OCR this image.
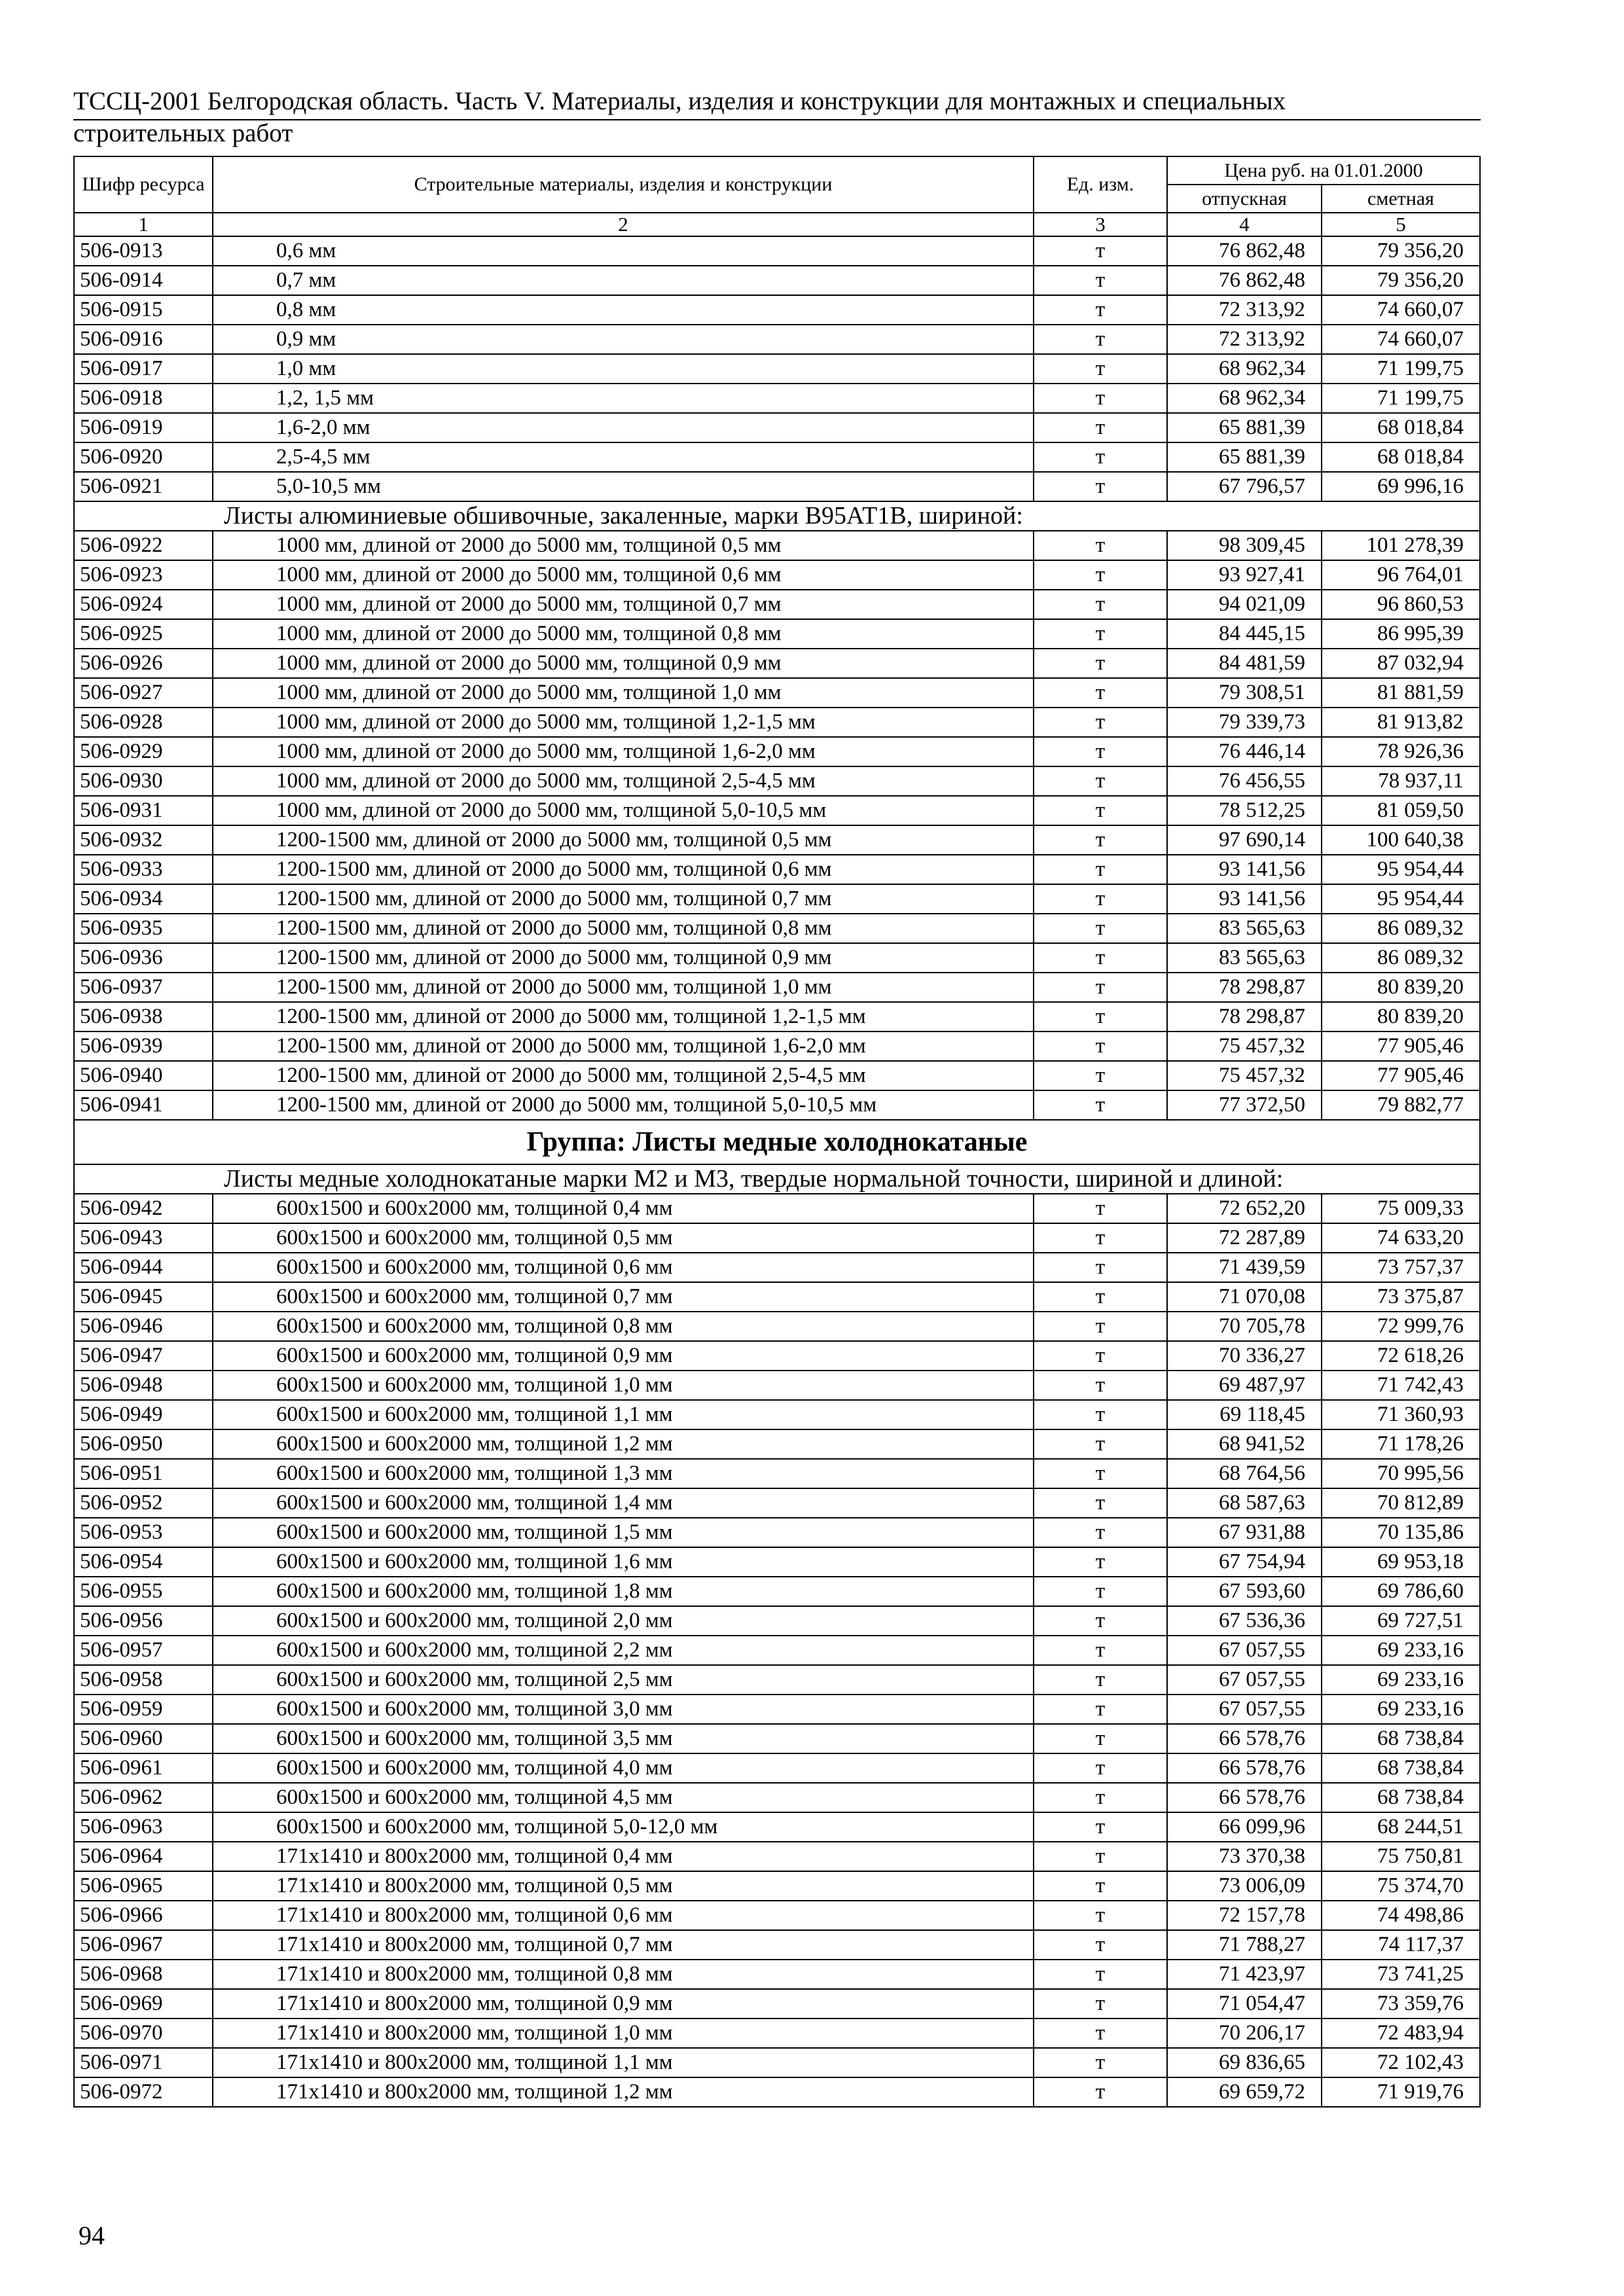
ТССЦ-2001 Белгородская область. Часть V. Материалы, изделия и конструкции для монтажных и специальных
строительных работ
Шифр ресурса	Строительные материалы, изделия и конструкции	Ед. изм.	Цена руб. на 01.01.2000	
			отпускная	сметная
1	2	3	4	5
506-0913	0,6 мм	т	76 862,48	79 356,20
506-0914	0,7 мм	т	76 862,48	79 356,20
506-0915	0,8 мм	т	72 313,92	74 660,07
506-0916	0,9 мм	т	72 313,92	74 660,07
506-0917	1,0 мм	т	68 962,34	71 199,75
506-0918	1,2, 1,5 мм	т	68 962,34	71 199,75
506-0919	1,6-2,0 мм	т	65 881,39	68 018,84
506-0920	2,5-4,5 мм	т	65 881,39	68 018,84
506-0921	5,0-10,5 мм	т	67 796,57	69 996,16
Листы алюминиевые обшивочные, закаленные, марки В95АТ1В, шириной:				
506-0922	1000 мм, длиной от 2000 до 5000 мм, толщиной 0,5 мм	т	98 309,45	101 278,39
506-0923	1000 мм, длиной от 2000 до 5000 мм, толщиной 0,6 мм	т	93 927,41	96 764,01
506-0924	1000 мм, длиной от 2000 до 5000 мм, толщиной 0,7 мм	т	94 021,09	96 860,53
506-0925	1000 мм, длиной от 2000 до 5000 мм, толщиной 0,8 мм	т	84 445,15	86 995,39
506-0926	1000 мм, длиной от 2000 до 5000 мм, толщиной 0,9 мм	т	84 481,59	87 032,94
506-0927	1000 мм, длиной от 2000 до 5000 мм, толщиной 1,0 мм	т	79 308,51	81 881,59
506-0928	1000 мм, длиной от 2000 до 5000 мм, толщиной 1,2-1,5 мм	т	79 339,73	81 913,82
506-0929	1000 мм, длиной от 2000 до 5000 мм, толщиной 1,6-2,0 мм	т	76 446,14	78 926,36
506-0930	1000 мм, длиной от 2000 до 5000 мм, толщиной 2,5-4,5 мм	т	76 456,55	78 937,11
506-0931	1000 мм, длиной от 2000 до 5000 мм, толщиной 5,0-10,5 мм	т	78 512,25	81 059,50
506-0932	1200-1500 мм, длиной от 2000 до 5000 мм, толщиной 0,5 мм	т	97 690,14	100 640,38
506-0933	1200-1500 мм, длиной от 2000 до 5000 мм, толщиной 0,6 мм	т	93 141,56	95 954,44
506-0934	1200-1500 мм, длиной от 2000 до 5000 мм, толщиной 0,7 мм	т	93 141,56	95 954,44
506-0935	1200-1500 мм, длиной от 2000 до 5000 мм, толщиной 0,8 мм	т	83 565,63	86 089,32
506-0936	1200-1500 мм, длиной от 2000 до 5000 мм, толщиной 0,9 мм	т	83 565,63	86 089,32
506-0937	1200-1500 мм, длиной от 2000 до 5000 мм, толщиной 1,0 мм	т	78 298,87	80 839,20
506-0938	1200-1500 мм, длиной от 2000 до 5000 мм, толщиной 1,2-1,5 мм	т	78 298,87	80 839,20
506-0939	1200-1500 мм, длиной от 2000 до 5000 мм, толщиной 1,6-2,0 мм	т	75 457,32	77 905,46
506-0940	1200-1500 мм, длиной от 2000 до 5000 мм, толщиной 2,5-4,5 мм	т	75 457,32	77 905,46
506-0941	1200-1500 мм, длиной от 2000 до 5000 мм, толщиной 5,0-10,5 мм	т	77 372,50	79 882,77
Группа: Листы медные холоднокатаные				
Листы медные холоднокатаные марки М2 и М3, твердые нормальной точности, шириной и длиной:				
506-0942	600x1500 и 600x2000 мм, толщиной 0,4 мм	т	72 652,20	75 009,33
506-0943	600x1500 и 600x2000 мм, толщиной 0,5 мм	т	72 287,89	74 633,20
506-0944	600x1500 и 600x2000 мм, толщиной 0,6 мм	т	71 439,59	73 757,37
506-0945	600x1500 и 600x2000 мм, толщиной 0,7 мм	т	71 070,08	73 375,87
506-0946	600x1500 и 600x2000 мм, толщиной 0,8 мм	т	70 705,78	72 999,76
506-0947	600x1500 и 600x2000 мм, толщиной 0,9 мм	т	70 336,27	72 618,26
506-0948	600x1500 и 600x2000 мм, толщиной 1,0 мм	т	69 487,97	71 742,43
506-0949	600x1500 и 600x2000 мм, толщиной 1,1 мм	т	69 118,45	71 360,93
506-0950	600x1500 и 600x2000 мм, толщиной 1,2 мм	т	68 941,52	71 178,26
506-0951	600x1500 и 600x2000 мм, толщиной 1,3 мм	т	68 764,56	70 995,56
506-0952	600x1500 и 600x2000 мм, толщиной 1,4 мм	т	68 587,63	70 812,89
506-0953	600x1500 и 600x2000 мм, толщиной 1,5 мм	т	67 931,88	70 135,86
506-0954	600x1500 и 600x2000 мм, толщиной 1,6 мм	т	67 754,94	69 953,18
506-0955	600x1500 и 600x2000 мм, толщиной 1,8 мм	т	67 593,60	69 786,60
506-0956	600x1500 и 600x2000 мм, толщиной 2,0 мм	т	67 536,36	69 727,51
506-0957	600x1500 и 600x2000 мм, толщиной 2,2 мм	т	67 057,55	69 233,16
506-0958	600x1500 и 600x2000 мм, толщиной 2,5 мм	т	67 057,55	69 233,16
506-0959	600x1500 и 600x2000 мм, толщиной 3,0 мм	т	67 057,55	69 233,16
506-0960	600x1500 и 600x2000 мм, толщиной 3,5 мм	т	66 578,76	68 738,84
506-0961	600x1500 и 600x2000 мм, толщиной 4,0 мм	т	66 578,76	68 738,84
506-0962	600x1500 и 600x2000 мм, толщиной 4,5 мм	т	66 578,76	68 738,84
506-0963	600x1500 и 600x2000 мм, толщиной 5,0-12,0 мм	т	66 099,96	68 244,51
506-0964	171x1410 и 800x2000 мм, толщиной 0,4 мм	т	73 370,38	75 750,81
506-0965	171x1410 и 800x2000 мм, толщиной 0,5 мм	т	73 006,09	75 374,70
506-0966	171x1410 и 800x2000 мм, толщиной 0,6 мм	т	72 157,78	74 498,86
506-0967	171x1410 и 800x2000 мм, толщиной 0,7 мм	т	71 788,27	74 117,37
506-0968	171x1410 и 800x2000 мм, толщиной 0,8 мм	т	71 423,97	73 741,25
506-0969	171x1410 и 800x2000 мм, толщиной 0,9 мм	т	71 054,47	73 359,76
506-0970	171x1410 и 800x2000 мм, толщиной 1,0 мм	т	70 206,17	72 483,94
506-0971	171x1410 и 800x2000 мм, толщиной 1,1 мм	т	69 836,65	72 102,43
506-0972	171x1410 и 800x2000 мм, толщиной 1,2 мм	т	69 659,72	71 919,76
94
